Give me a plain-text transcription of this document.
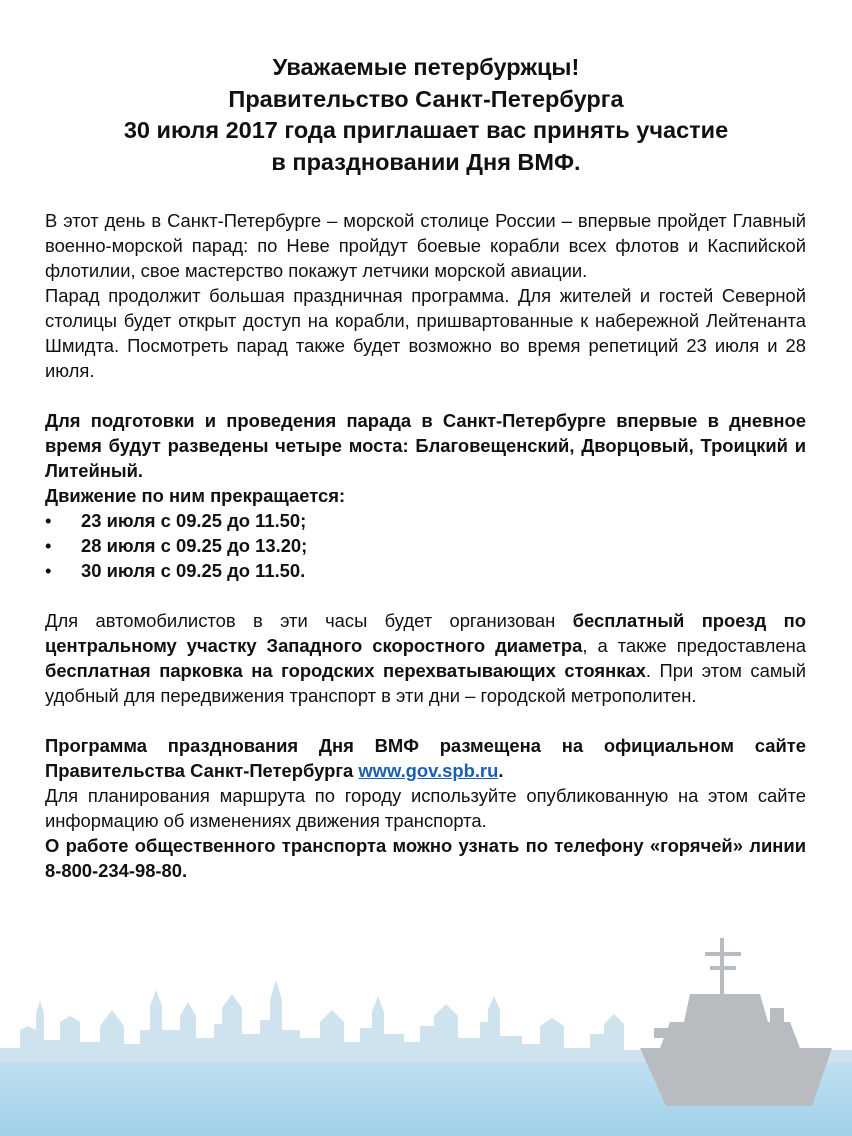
Уважаемые петербуржцы!
Правительство Санкт-Петербурга
30 июля 2017 года приглашает вас принять участие
в праздновании Дня ВМФ.

В этот день в Санкт-Петербурге – морской столице России – впервые пройдет Главный военно-морской парад: по Неве пройдут боевые корабли всех флотов и Каспийской флотилии, свое мастерство покажут летчики морской авиации.

Парад продолжит большая праздничная программа. Для жителей и гостей Северной столицы будет открыт доступ на корабли, пришвартованные к набережной Лейтенанта Шмидта. Посмотреть парад также будет возможно во время репетиций 23 июля и 28 июля.

Для подготовки и проведения парада в Санкт-Петербурге впервые в дневное время будут разведены четыре моста: Благовещенский, Дворцовый, Троицкий и Литейный.

Движение по ним прекращается:

• 23 июля с 09.25 до 11.50;
• 28 июля с 09.25 до 13.20;
• 30 июля с 09.25 до 11.50.

Для автомобилистов в эти часы будет организован бесплатный проезд по центральному участку Западного скоростного диаметра, а также предоставлена бесплатная парковка на городских перехватывающих стоянках. При этом самый удобный для передвижения транспорт в эти дни – городской метрополитен.

Программа празднования Дня ВМФ размещена на официальном сайте Правительства Санкт-Петербурга www.gov.spb.ru.

Для планирования маршрута по городу используйте опубликованную на этом сайте информацию об изменениях движения транспорта.

О работе общественного транспорта можно узнать по телефону «горячей» линии 8-800-234-98-80.
